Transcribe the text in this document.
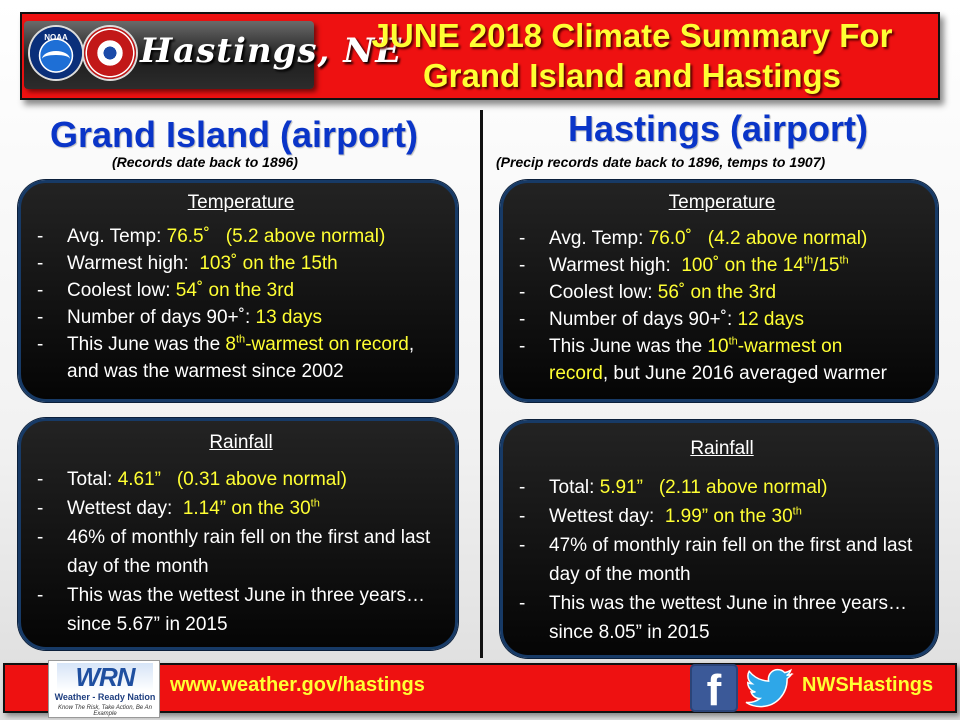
NOAA	Hastings, NE
JUNE 2018 Climate Summary For
Grand Island and Hastings
Grand Island (airport)
(Records date back to 1896)
Temperature
- Avg. Temp: 76.5˚ (5.2 above normal)
- Warmest high:  103˚ on the 15th
- Coolest low: 54˚ on the 3rd
- Number of days 90+˚: 13 days
- This June was the 8th-warmest on record,
and was the warmest since 2002
Rainfall
- Total: 4.61” (0.31 above normal)
- Wettest day:  1.14” on the 30th
- 46% of monthly rain fell on the first and last day of the month
- This was the wettest June in three years…since 5.67” in 2015
Hastings (airport)
(Precip records date back to 1896, temps to 1907)
Temperature
- Avg. Temp: 76.0˚ (4.2 above normal)
- Warmest high:  100˚ on the 14th/15th
- Coolest low: 56˚ on the 3rd
- Number of days 90+˚: 12 days
- This June was the 10th-warmest on
record, but June 2016 averaged warmer
Rainfall
- Total: 5.91” (2.11 above normal)
- Wettest day:  1.99” on the 30th
- 47% of monthly rain fell on the first and last day of the month
- This was the wettest June in three years…since 8.05” in 2015
WRN
Weather - Ready Nation
Know The Risk, Take Action, Be An Example
www.weather.gov/hastings	f	NWSHastings
